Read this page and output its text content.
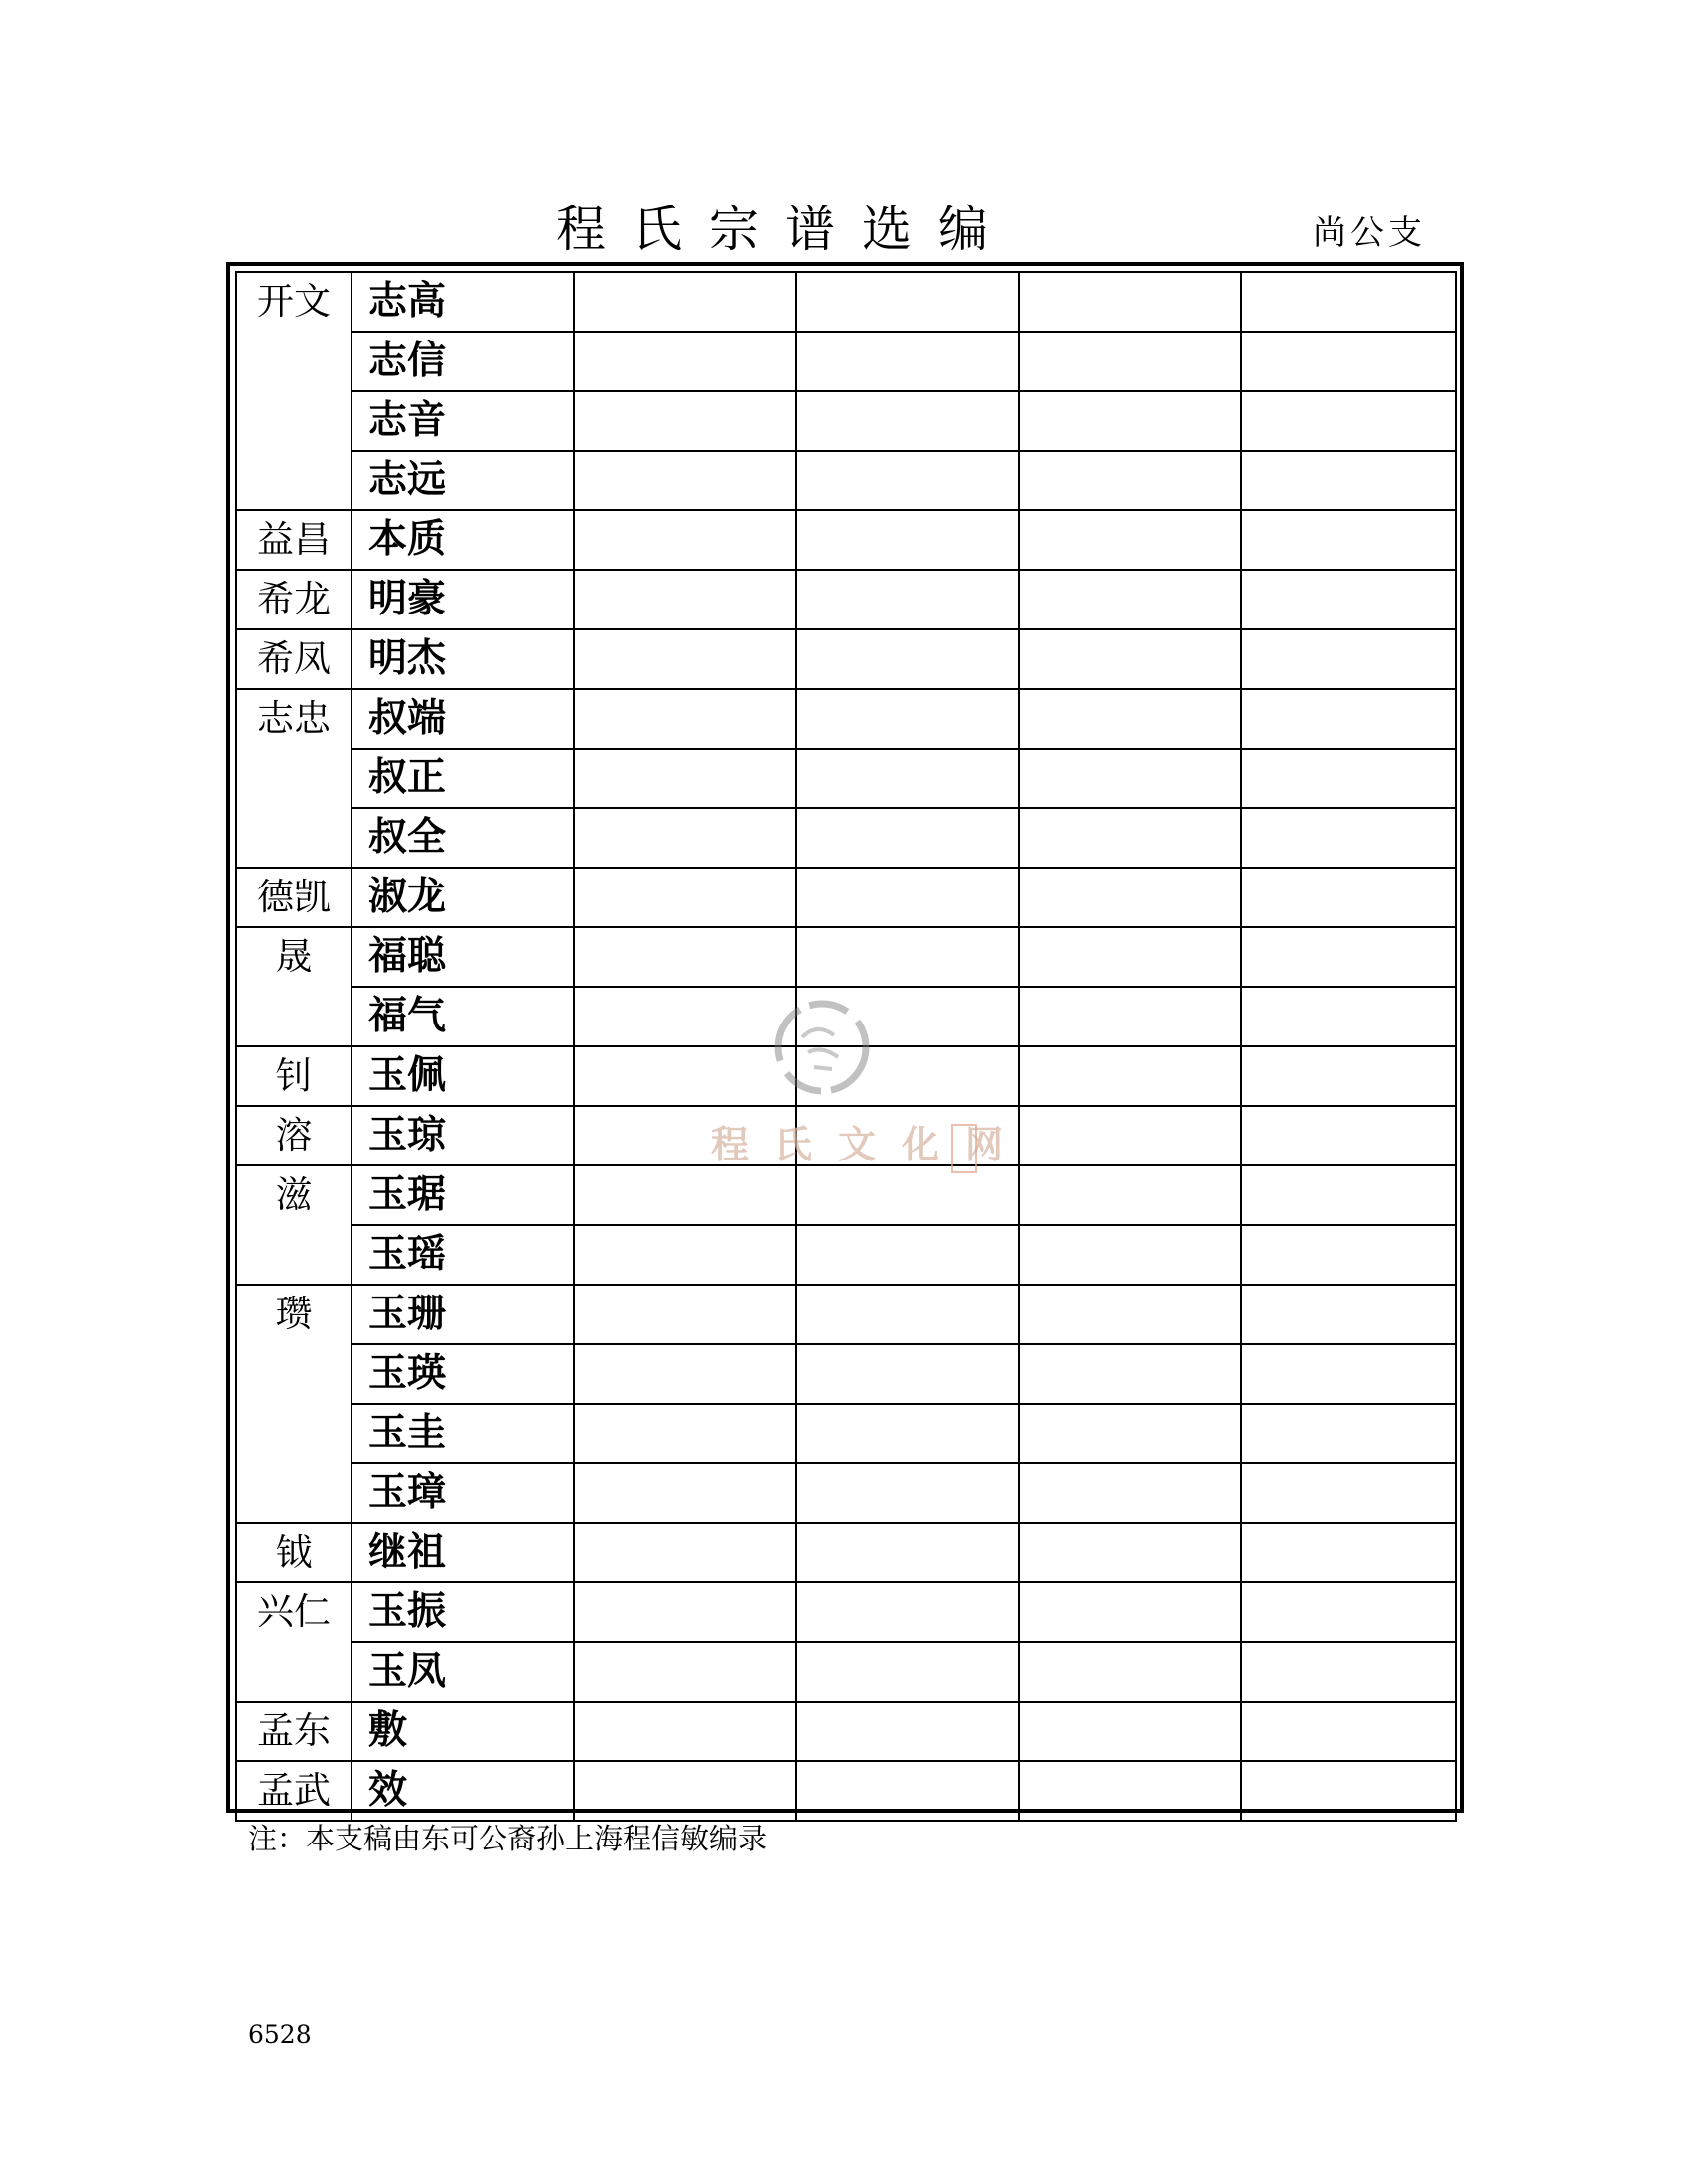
程氏宗谱选编	尚公支
开文	志高				
	志信				
	志音				
	志远				
益昌	本质				
希龙	明豪				
希凤	明杰				
志忠	叔端				
	叔正				
	叔全				
德凯	淑龙				
晟	福聪				
	福气				
钊	玉佩				
溶	玉琼				
滋	玉琚				
	玉瑶				
瓒	玉珊				
	玉瑛				
	玉圭				
	玉璋				
钺	继祖				
兴仁	玉振				
	玉凤				
孟东	敷				
孟武	效				
程氏文化网
注：本支稿由东可公裔孙上海程信敏编录
6528
